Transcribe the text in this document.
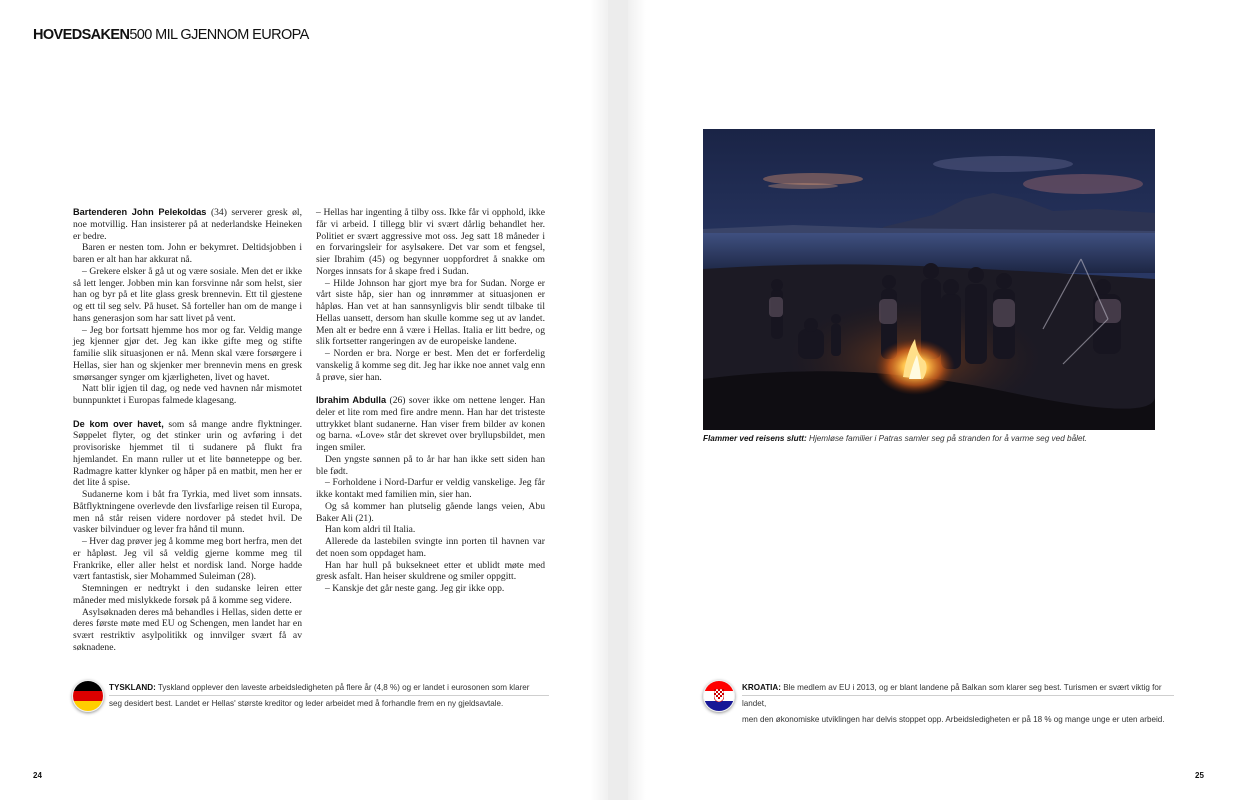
HOVEDSAKEN500 MIL GJENNOM EUROPA

Bartenderen John Pelekoldas (34) serverer gresk øl, noe motvillig. Han insisterer på at nederlandske Heineken er bedre.

Baren er nesten tom. John er bekymret. Deltidsjobben i baren er alt han har akkurat nå.

– Grekere elsker å gå ut og være sosiale. Men det er ikke så lett lenger. Jobben min kan forsvinne når som helst, sier han og byr på et lite glass gresk brennevin. Ett til gjestene og ett til seg selv. På huset. Så forteller han om de mange i hans generasjon som har satt livet på vent.

– Jeg bor fortsatt hjemme hos mor og far. Veldig mange jeg kjenner gjør det. Jeg kan ikke gifte meg og stifte familie slik situasjonen er nå. Menn skal være forsørgere i Hellas, sier han og skjenker mer brennevin mens en gresk smørsanger synger om kjærligheten, livet og havet.

Natt blir igjen til dag, og nede ved havnen når mismotet bunnpunktet i Europas falmede klagesang.

De kom over havet, som så mange andre flyktninger. Søppelet flyter, og det stinker urin og avføring i det provisoriske hjemmet til ti sudanere på flukt fra hjemlandet. En mann ruller ut et lite bønneteppe og ber. Radmagre katter klynker og håper på en matbit, men her er det lite å spise.

Sudanerne kom i båt fra Tyrkia, med livet som innsats. Båtflyktningene overlevde den livsfarlige reisen til Europa, men nå står reisen videre nordover på stedet hvil. De vasker bilvinduer og lever fra hånd til munn.

– Hver dag prøver jeg å komme meg bort herfra, men det er håpløst. Jeg vil så veldig gjerne komme meg til Frankrike, eller aller helst et nordisk land. Norge hadde vært fantastisk, sier Mohammed Suleiman (28).

Stemningen er nedtrykt i den sudanske leiren etter måneder med mislykkede forsøk på å komme seg videre.

Asylsøknaden deres må behandles i Hellas, siden dette er deres første møte med EU og Schengen, men landet har en svært restriktiv asylpolitikk og innvilger svært få av søknadene.

– Hellas har ingenting å tilby oss. Ikke får vi opphold, ikke får vi arbeid. I tillegg blir vi svært dårlig behandlet her. Politiet er svært aggressive mot oss. Jeg satt 18 måneder i en forvaringsleir for asylsøkere. Det var som et fengsel, sier Ibrahim (45) og begynner uoppfordret å snakke om Norges innsats for å skape fred i Sudan.

– Hilde Johnson har gjort mye bra for Sudan. Norge er vårt siste håp, sier han og innrømmer at situasjonen er håpløs. Han vet at han sannsynligvis blir sendt tilbake til Hellas uansett, dersom han skulle komme seg ut av landet. Men alt er bedre enn å være i Hellas. Italia er litt bedre, og slik fortsetter rangeringen av de europeiske landene.

– Norden er bra. Norge er best. Men det er forferdelig vanskelig å komme seg dit. Jeg har ikke noe annet valg enn å prøve, sier han.

Ibrahim Abdulla (26) sover ikke om nettene lenger. Han deler et lite rom med fire andre menn. Han har det tristeste uttrykket blant sudanerne. Han viser frem bilder av konen og barna. «Love» står det skrevet over bryllupsbildet, men ingen smiler.

Den yngste sønnen på to år har han ikke sett siden han ble født.

– Forholdene i Nord-Darfur er veldig vanskelige. Jeg får ikke kontakt med familien min, sier han.

Og så kommer han plutselig gående langs veien, Abu Baker Ali (21).

Han kom aldri til Italia.

Allerede da lastebilen svingte inn porten til havnen var det noen som oppdaget ham.

Han har hull på buksekneet etter et ublidt møte med gresk asfalt. Han heiser skuldrene og smiler oppgitt.

– Kanskje det går neste gang. Jeg gir ikke opp.

Flammer ved reisens slutt: Hjemløse familier i Patras samler seg på stranden for å varme seg ved bålet.
TYSKLAND: Tyskland opplever den laveste arbeidsledigheten på flere år (4,8 %) og er landet i eurosonen som klarer
seg desidert best. Landet er Hellas' største kreditor og leder arbeidet med å forhandle frem en ny gjeldsavtale.
KROATIA: Ble medlem av EU i 2013, og er blant landene på Balkan som klarer seg best. Turismen er svært viktig for landet,
men den økonomiske utviklingen har delvis stoppet opp. Arbeidsledigheten er på 18 % og mange unge er uten arbeid.
24	25
